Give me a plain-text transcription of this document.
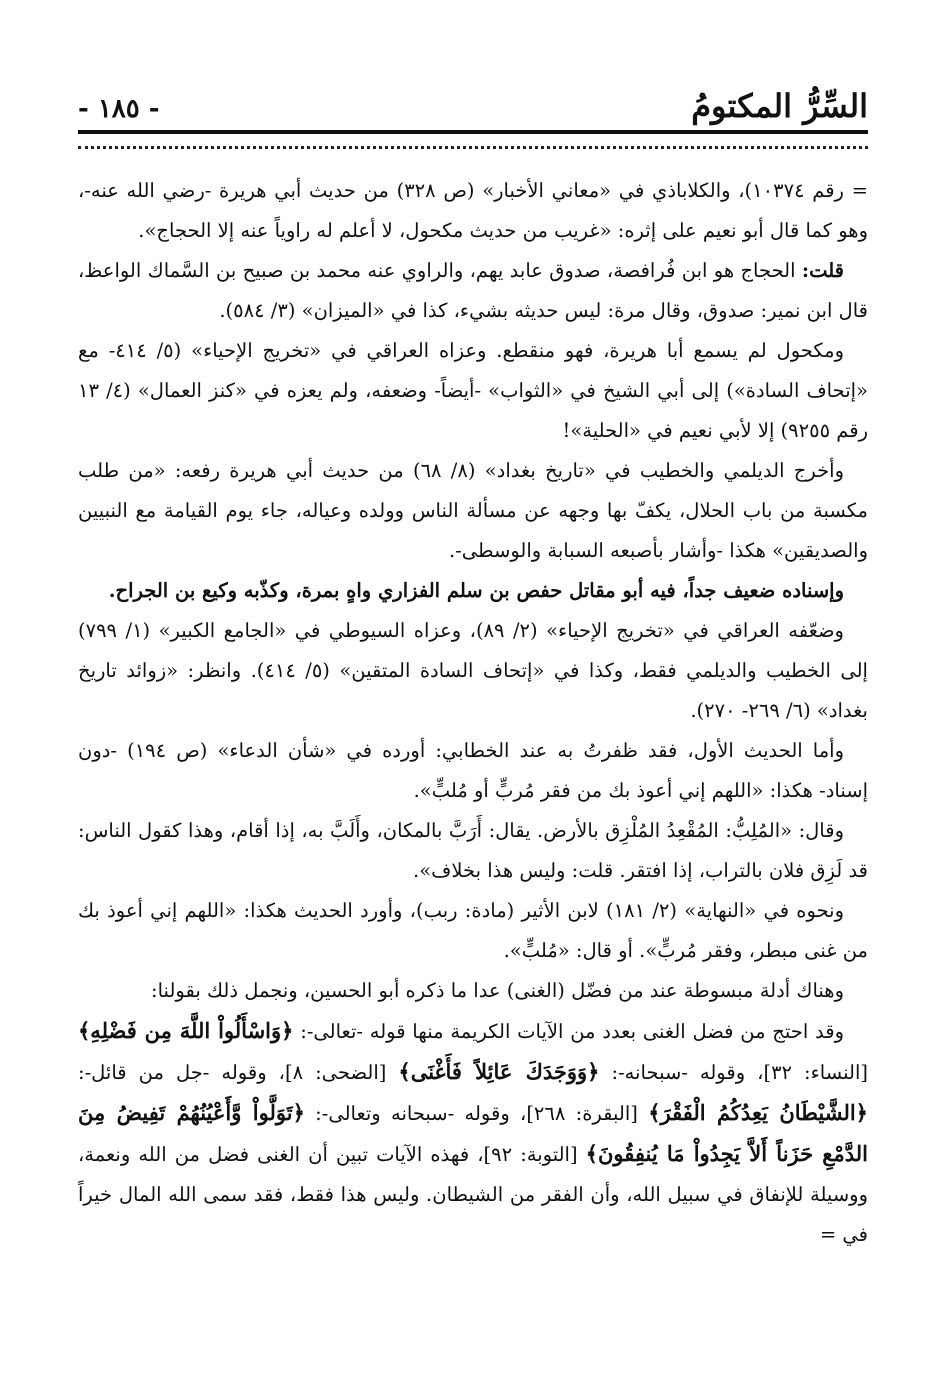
السِّرُّ المكتومُ
- ١٨٥ -

= رقم ١٠٣٧٤)، والكلاباذي في «معاني الأخبار» (ص ٣٢٨) من حديث أبي هريرة -رضي الله عنه-، وهو كما قال أبو نعيم على إثره: «غريب من حديث مكحول، لا أعلم له راوياً عنه إلا الحجاج».

قلت: الحجاج هو ابن فُرافصة، صدوق عابد يهم، والراوي عنه محمد بن صبيح بن السَّماك الواعظ، قال ابن نمير: صدوق، وقال مرة: ليس حديثه بشيء، كذا في «الميزان» (٣/ ٥٨٤).

ومكحول لم يسمع أبا هريرة، فهو منقطع. وعزاه العراقي في «تخريج الإحياء» (٥/ ٤١٤- مع «إتحاف السادة») إلى أبي الشيخ في «الثواب» -أيضاً- وضعفه، ولم يعزه في «كنز العمال» (٤/ ١٣ رقم ٩٢٥٥) إلا لأبي نعيم في «الحلية»!

وأخرج الديلمي والخطيب في «تاريخ بغداد» (٨/ ٦٨) من حديث أبي هريرة رفعه: «من طلب مكسبة من باب الحلال، يكفّ بها وجهه عن مسألة الناس وولده وعياله، جاء يوم القيامة مع النبيين والصديقين» هكذا -وأشار بأصبعه السبابة والوسطى-.

وإسناده ضعيف جداً، فيه أبو مقاتل حفص بن سلم الفزاري واهٍ بمرة، وكذّبه وكيع بن الجراح.

وضعّفه العراقي في «تخريج الإحياء» (٢/ ٨٩)، وعزاه السيوطي في «الجامع الكبير» (١/ ٧٩٩) إلى الخطيب والديلمي فقط، وكذا في «إتحاف السادة المتقين» (٥/ ٤١٤). وانظر: «زوائد تاريخ بغداد» (٦/ ٢٦٩- ٢٧٠).

وأما الحديث الأول، فقد ظفرتُ به عند الخطابي: أورده في «شأن الدعاء» (ص ١٩٤) -دون إسناد- هكذا: «اللهم إني أعوذ بك من فقر مُربٍّ أو مُلبٍّ».

وقال: «المُلِبُّ: المُقْعِدُ المُلْزِق بالأرض. يقال: أَرَبَّ بالمكان، وأَلَبَّ به، إذا أقام، وهذا كقول الناس: قد لَزِق فلان بالتراب، إذا افتقر. قلت: وليس هذا بخلاف».

ونحوه في «النهاية» (٢/ ١٨١) لابن الأثير (مادة: ربب)، وأورد الحديث هكذا: «اللهم إني أعوذ بك من غنى مبطر، وفقر مُربٍّ». أو قال: «مُلبٍّ».

وهناك أدلة مبسوطة عند من فضّل (الغنى) عدا ما ذكره أبو الحسين، ونجمل ذلك بقولنا:

وقد احتج من فضل الغنى بعدد من الآيات الكريمة منها قوله -تعالى-: ﴿وَاسْأَلُواْ اللَّهَ مِن فَضْلِهِ﴾ [النساء: ٣٢]، وقوله -سبحانه-: ﴿وَوَجَدَكَ عَائِلاً فَأَغْنَى﴾ [الضحى: ٨]، وقوله -جل من قائل-: ﴿الشَّيْطَانُ يَعِدُكُمُ الْفَقْرَ﴾ [البقرة: ٢٦٨]، وقوله -سبحانه وتعالى-: ﴿تَوَلَّواْ وَّأَعْيُنُهُمْ تَفِيضُ مِنَ الدَّمْعِ حَزَناً أَلاَّ يَجِدُواْ مَا يُنفِقُونَ﴾ [التوبة: ٩٢]، فهذه الآيات تبين أن الغنى فضل من الله ونعمة، ووسيلة للإنفاق في سبيل الله، وأن الفقر من الشيطان. وليس هذا فقط، فقد سمى الله المال خيراً في =
